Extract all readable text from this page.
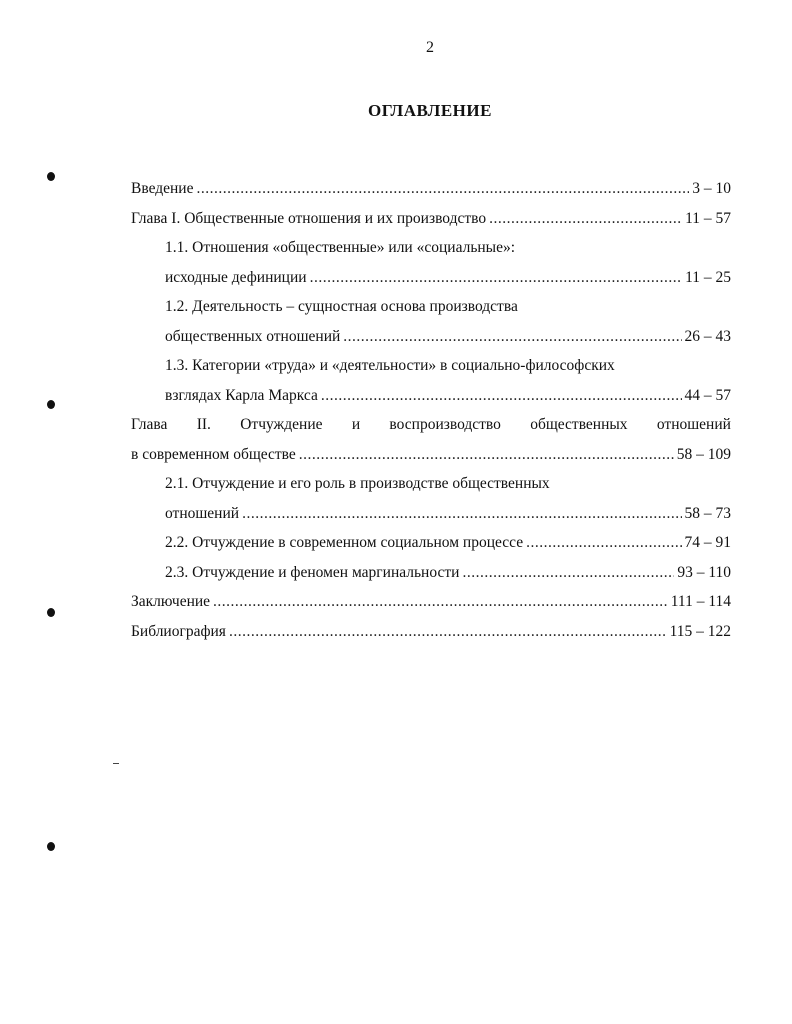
2
ОГЛАВЛЕНИЕ
Введение .....	3 – 10
Глава I. Общественные отношения и их производство .....	11 – 57
1.1. Отношения «общественные» или «социальные»:
исходные дефиниции .....	11 – 25
1.2. Деятельность – сущностная основа производства
общественных отношений .....	26 – 43
1.3. Категории «труда» и «деятельности» в социально-философских
взглядах Карла Маркса .....	44 – 57
Глава II. Отчуждение и воспроизводство общественных отношений
в современном обществе .....	58 – 109
2.1. Отчуждение и его роль в производстве общественных
отношений .....	58 – 73
2.2. Отчуждение в современном социальном процессе .....	74 – 91
2.3. Отчуждение и феномен маргинальности .....	93 – 110
Заключение .....	111 – 114
Библиография .....	115 – 122
